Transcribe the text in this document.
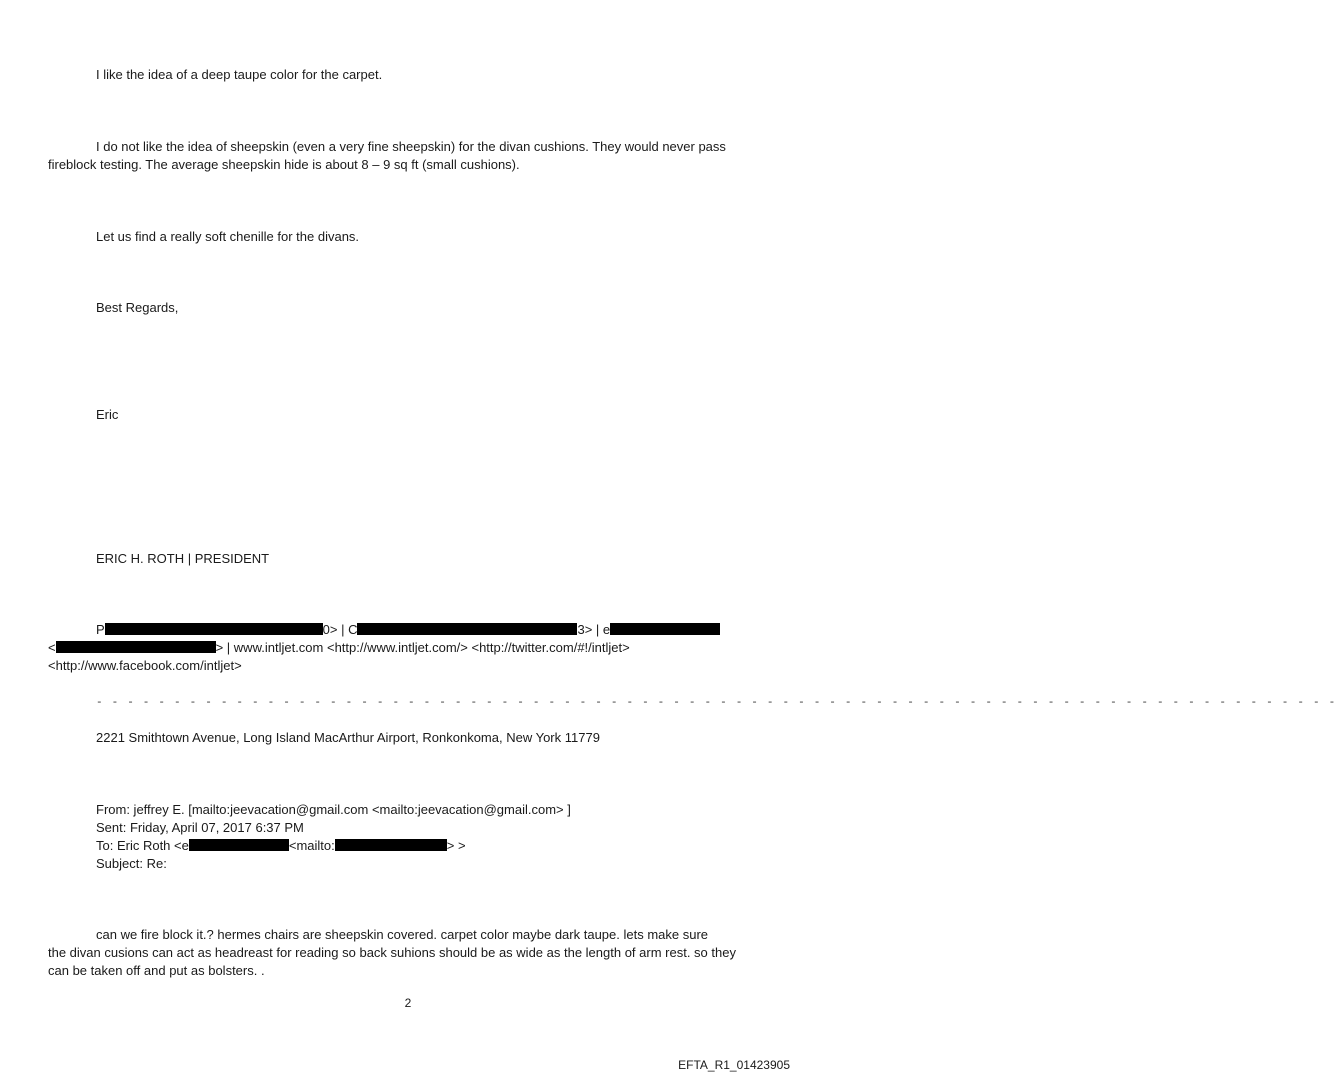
I like the idea of a deep taupe color for the carpet.

I do not like the idea of sheepskin (even a very fine sheepskin) for the divan cushions. They would never pass

fireblock testing. The average sheepskin hide is about 8 – 9 sq ft (small cushions).

Let us find a really soft chenille for the divans.

Best Regards,

Eric

ERIC H. ROTH | PRESIDENT

P	0> | C	3> | e
<	> | www.intljet.com <http://www.intljet.com/> <http://twitter.com/#!/intljet>

<http://www.facebook.com/intljet>

- - - - - - - - - - - - - - - - - - - - - - - - - - - - - - - - - - - - - - - - - - - - - - - - - - - - - - - - - - - - - - - - - - - - - - - - - - - - - - - -

2221 Smithtown Avenue, Long Island MacArthur Airport, Ronkonkoma, New York 11779

From: jeffrey E. [mailto:jeevacation@gmail.com <mailto:jeevacation@gmail.com> ]

Sent: Friday, April 07, 2017 6:37 PM

To: Eric Roth <e	<mailto:	> >

Subject: Re:

can we fire block it.? hermes chairs are sheepskin covered. carpet color maybe dark taupe. lets make sure

the divan cusions can act as headreast for reading so back suhions should be as wide as the length of arm rest. so they

can be taken off and put as bolsters. .

2
EFTA_R1_01423905
